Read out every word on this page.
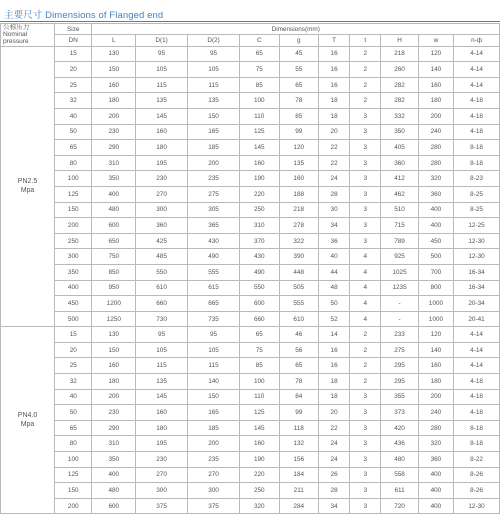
主要尺寸 Dimensions of Flanged end
公称压力
Nominal pressure	Size	Dimensions(mm)									
	DN	L	D(1)	D(2)	C	g	T	t	H	w	n-ф

PN2.5
Mpa	15	130	95	95	65	45	16	2	218	120	4-14
	20	150	105	105	75	55	16	2	260	140	4-14
	25	160	115	115	85	65	16	2	282	160	4-14
	32	180	135	135	100	78	18	2	282	180	4-18
	40	200	145	150	110	85	18	3	332	200	4-18
	50	230	160	165	125	99	20	3	350	240	4-18
	65	290	180	185	145	120	22	3	405	280	8-18
	80	310	195	200	160	135	22	3	360	280	8-18
	100	350	230	235	190	160	24	3	412	320	8-23
	125	400	270	275	220	188	28	3	462	360	8-25
	150	480	300	305	250	218	30	3	510	400	8-25
	200	600	360	365	310	278	34	3	715	400	12-25
	250	650	425	430	370	322	36	3	789	450	12-30
	300	750	485	490	430	390	40	4	925	500	12-30
	350	850	550	555	490	448	44	4	1025	700	16-34
	400	950	610	615	550	505	48	4	1235	800	16-34
	450	1200	660	665	600	555	50	4	-	1000	20-34
	500	1250	730	735	660	610	52	4	-	1000	20-41

PN4.0
Mpa	15	130	95	95	65	46	14	2	233	120	4-14
	20	150	105	105	75	56	16	2	275	140	4-14
	25	160	115	115	85	65	16	2	295	160	4-14
	32	180	135	140	100	78	18	2	295	180	4-18
	40	200	145	150	110	84	18	3	355	200	4-18
	50	230	160	165	125	99	20	3	373	240	4-18
	65	290	180	185	145	118	22	3	420	280	8-18
	80	310	195	200	160	132	24	3	436	320	8-18
	100	350	230	235	190	156	24	3	480	360	8-22
	125	400	270	270	220	184	26	3	558	400	8-26
	150	480	300	300	250	211	28	3	611	400	8-26
	200	600	375	375	320	284	34	3	720	400	12-30
